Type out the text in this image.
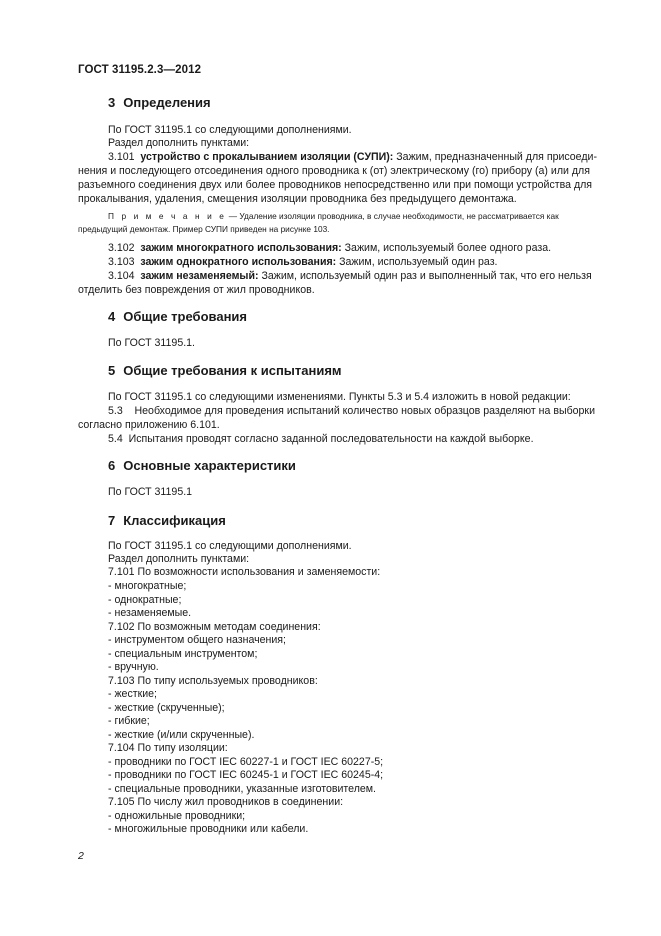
ГОСТ 31195.2.3—2012
3 Определения
По ГОСТ 31195.1 со следующими дополнениями.
Раздел дополнить пунктами:
3.101 устройство с прокалыванием изоляции (СУПИ): Зажим, предназначенный для присоеди-
нения и последующего отсоединения одного проводника к (от) электрическому (го) прибору (а) или для
разъемного соединения двух или более проводников непосредственно или при помощи устройства для
прокалывания, удаления, смещения изоляции проводника без предыдущего демонтажа.
П р и м е ч а н и е — Удаление изоляции проводника, в случае необходимости, не рассматривается как
предыдущий демонтаж. Пример СУПИ приведен на рисунке 103.
3.102 зажим многократного использования: Зажим, используемый более одного раза.
3.103 зажим однократного использования: Зажим, используемый один раз.
3.104 зажим незаменяемый: Зажим, используемый один раз и выполненный так, что его нельзя
отделить без повреждения от жил проводников.
4 Общие требования
По ГОСТ 31195.1.
5 Общие требования к испытаниям
По ГОСТ 31195.1 со следующими изменениями. Пункты 5.3 и 5.4 изложить в новой редакции:
5.3 Необходимое для проведения испытаний количество новых образцов разделяют на выборки
согласно приложению 6.101.
5.4 Испытания проводят согласно заданной последовательности на каждой выборке.
6 Основные характеристики
По ГОСТ 31195.1
7 Классификация
По ГОСТ 31195.1 со следующими дополнениями.
Раздел дополнить пунктами:
7.101 По возможности использования и заменяемости:
- многократные;
- однократные;
- незаменяемые.
7.102 По возможным методам соединения:
- инструментом общего назначения;
- специальным инструментом;
- вручную.
7.103 По типу используемых проводников:
- жесткие;
- жесткие (скрученные);
- гибкие;
- жесткие (и/или скрученные).
7.104 По типу изоляции:
- проводники по ГОСТ IEC 60227-1 и ГОСТ IEC 60227-5;
- проводники по ГОСТ IEC 60245-1 и ГОСТ IEC 60245-4;
- специальные проводники, указанные изготовителем.
7.105 По числу жил проводников в соединении:
- одножильные проводники;
- многожильные проводники или кабели.
2
